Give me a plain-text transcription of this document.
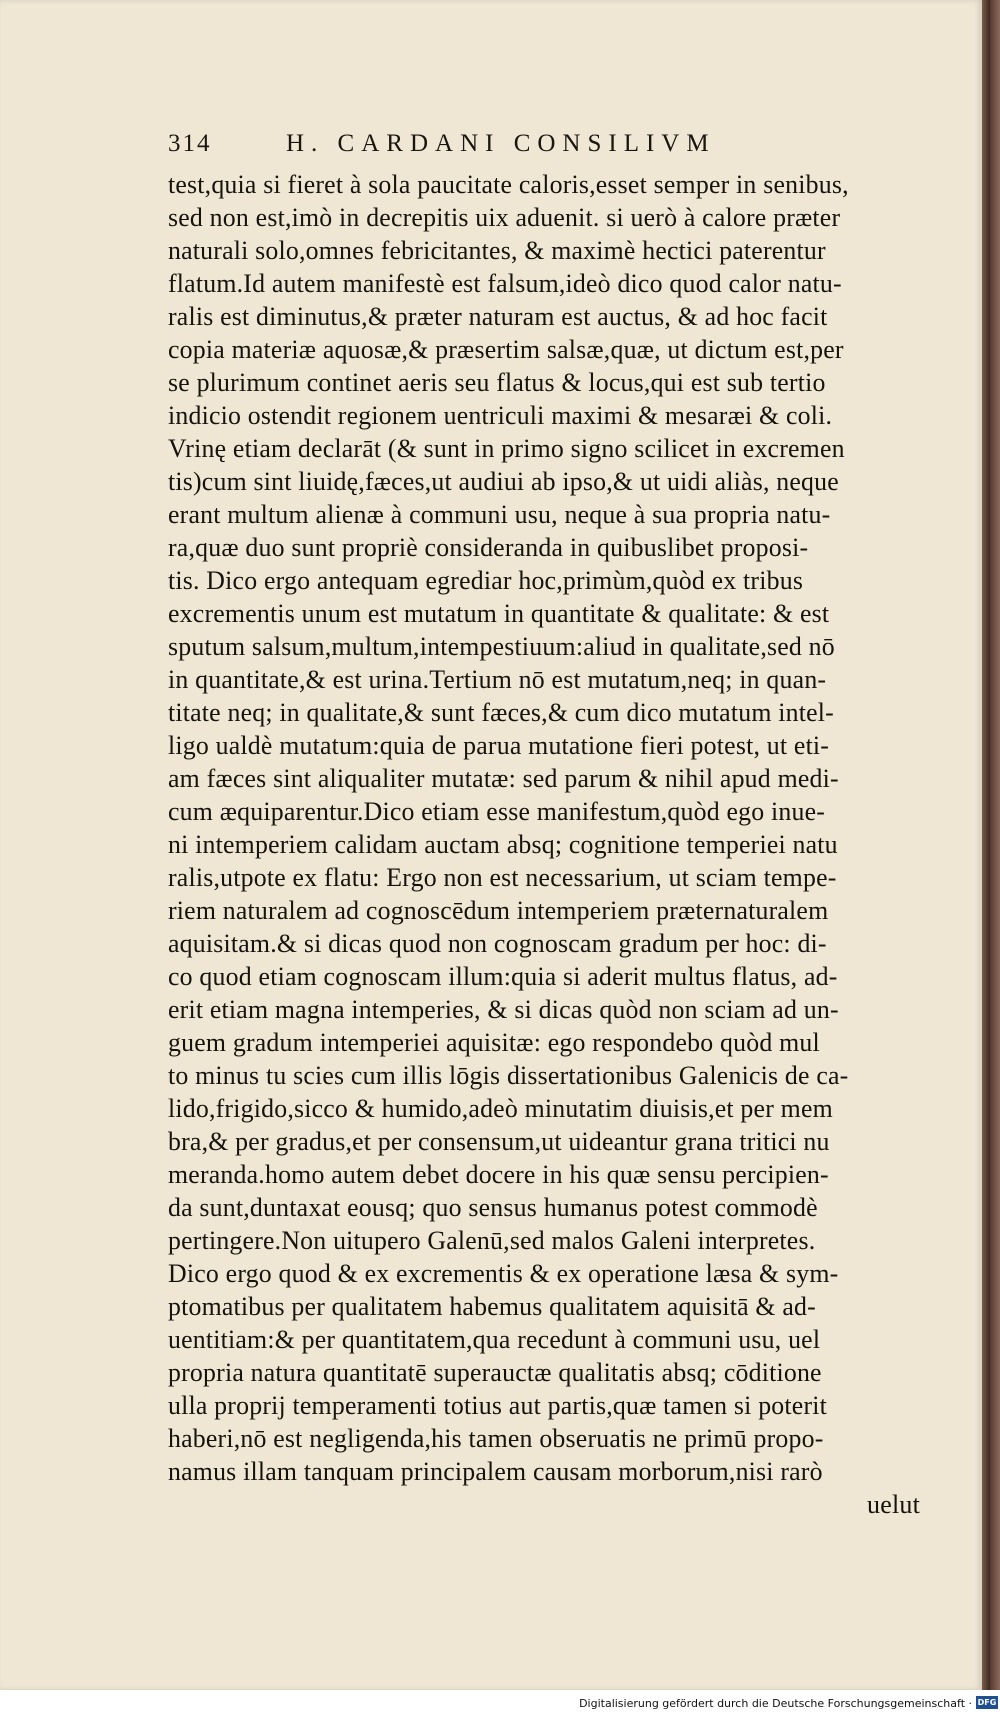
314	H. CARDANI CONSILIVM
test,quia si fieret à sola paucitate caloris,esset semper in senibus,
sed non est,imò in decrepitis uix aduenit. si uerò à calore præter
naturali solo,omnes febricitantes, & maximè hectici paterentur
flatum.Id autem manifestè est falsum,ideò dico quod calor natu-
ralis est diminutus,& præter naturam est auctus, & ad hoc facit
copia materiæ aquosæ,& præsertim salsæ,quæ, ut dictum est,per
se plurimum continet aeris seu flatus & locus,qui est sub tertio
indicio ostendit regionem uentriculi maximi & mesaræi & coli.
Vrinę etiam declarāt (& sunt in primo signo scilicet in excremen
tis)cum sint liuidę,fæces,ut audiui ab ipso,& ut uidi aliàs, neque
erant multum alienæ à communi usu, neque à sua propria natu-
ra,quæ duo sunt propriè consideranda in quibuslibet proposi-
tis. Dico ergo antequam egrediar hoc,primùm,quòd ex tribus
excrementis unum est mutatum in quantitate & qualitate: & est
sputum salsum,multum,intempestiuum:aliud in qualitate,sed nō
in quantitate,& est urina.Tertium nō est mutatum,neq; in quan-
titate neq; in qualitate,& sunt fæces,& cum dico mutatum intel-
ligo ualdè mutatum:quia de parua mutatione fieri potest, ut eti-
am fæces sint aliqualiter mutatæ: sed parum & nihil apud medi-
cum æquiparentur.Dico etiam esse manifestum,quòd ego inue-
ni intemperiem calidam auctam absq; cognitione temperiei natu
ralis,utpote ex flatu: Ergo non est necessarium, ut sciam tempe-
riem naturalem ad cognoscēdum intemperiem præternaturalem
aquisitam.& si dicas quod non cognoscam gradum per hoc: di-
co quod etiam cognoscam illum:quia si aderit multus flatus, ad-
erit etiam magna intemperies, & si dicas quòd non sciam ad un-
guem gradum intemperiei aquisitæ: ego respondebo quòd mul
to minus tu scies cum illis lōgis dissertationibus Galenicis de ca-
lido,frigido,sicco & humido,adeò minutatim diuisis,et per mem
bra,& per gradus,et per consensum,ut uideantur grana tritici nu
meranda.homo autem debet docere in his quæ sensu percipien-
da sunt,duntaxat eousq; quo sensus humanus potest commodè
pertingere.Non uitupero Galenū,sed malos Galeni interpretes.
Dico ergo quod & ex excrementis & ex operatione læsa & sym-
ptomatibus per qualitatem habemus qualitatem aquisitā & ad-
uentitiam:& per quantitatem,qua recedunt à communi usu, uel
propria natura quantitatē superauctæ qualitatis absq; cōditione
ulla proprij temperamenti totius aut partis,quæ tamen si poterit
haberi,nō est negligenda,his tamen obseruatis ne primū propo-
namus illam tanquam principalem causam morborum,nisi rarò
uelut
Digitalisierung gefördert durch die Deutsche Forschungsgemeinschaft · DFG
